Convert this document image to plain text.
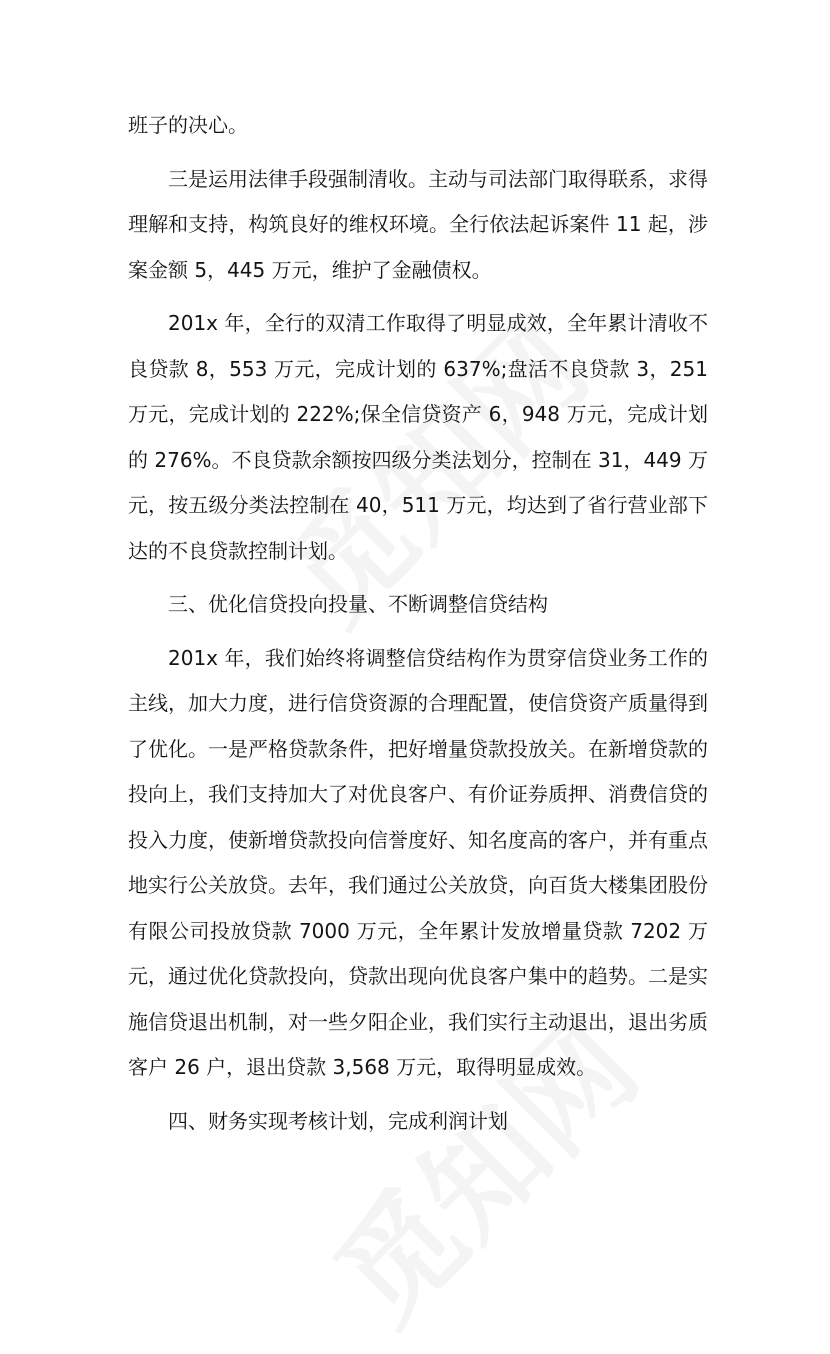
班子的决心。

三是运用法律手段强制清收。主动与司法部门取得联系，求得理解和支持，构筑良好的维权环境。全行依法起诉案件 11 起，涉案金额 5，445 万元，维护了金融债权。

201x 年，全行的双清工作取得了明显成效，全年累计清收不良贷款 8，553 万元，完成计划的 637%;盘活不良贷款 3，251 万元，完成计划的 222%;保全信贷资产 6，948 万元，完成计划的 276%。不良贷款余额按四级分类法划分，控制在 31，449 万元，按五级分类法控制在 40，511 万元，均达到了省行营业部下达的不良贷款控制计划。

三、优化信贷投向投量、不断调整信贷结构

201x 年，我们始终将调整信贷结构作为贯穿信贷业务工作的主线，加大力度，进行信贷资源的合理配置，使信贷资产质量得到了优化。一是严格贷款条件，把好增量贷款投放关。在新增贷款的投向上，我们支持加大了对优良客户、有价证券质押、消费信贷的投入力度，使新增贷款投向信誉度好、知名度高的客户，并有重点地实行公关放贷。去年，我们通过公关放贷，向百货大楼集团股份有限公司投放贷款 7000 万元，全年累计发放增量贷款 7202 万元，通过优化贷款投向，贷款出现向优良客户集中的趋势。二是实施信贷退出机制，对一些夕阳企业，我们实行主动退出，退出劣质客户 26 户，退出贷款 3,568 万元，取得明显成效。

四、财务实现考核计划，完成利润计划
